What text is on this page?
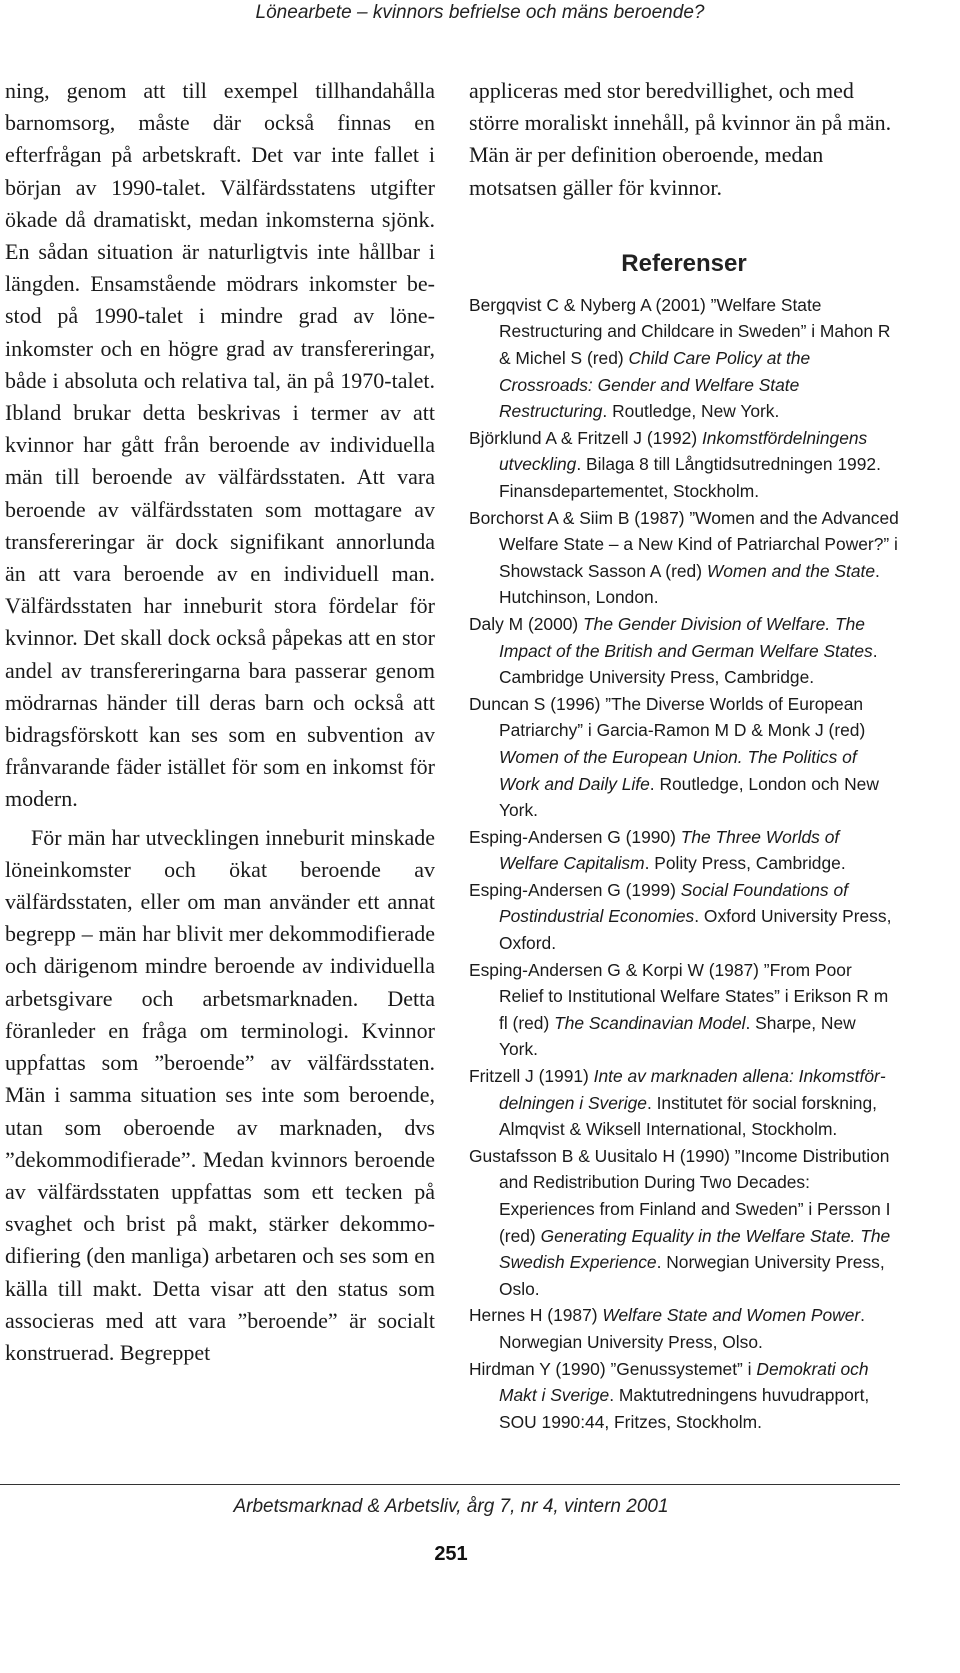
Lönearbete – kvinnors befrielse och mäns beroende?

ning, genom att till exempel tillhandahålla barnomsorg, måste där också finnas en efterfrågan på arbetskraft. Det var inte fallet i början av 1990-talet. Välfärdsstatens utgifter ökade då dramatiskt, medan inkomsterna sjönk. En sådan situation är naturligtvis inte hållbar i längden. Ensamstående mödrars inkomster bestod på 1990-talet i mindre grad av löneinkomster och en högre grad av transfereringar, både i absoluta och relativa tal, än på 1970-talet. Ibland brukar detta beskrivas i termer av att kvinnor har gått från beroende av individuella män till beroende av välfärdsstaten. Att vara beroende av välfärdsstaten som mottagare av transfereringar är dock signifikant annorlunda än att vara beroende av en individuell man. Välfärdsstaten har inneburit stora fördelar för kvinnor. Det skall dock också påpekas att en stor andel av transfereringarna bara passerar genom mödrarnas händer till deras barn och också att bidragsförskott kan ses som en subvention av frånvarande fäder istället för som en inkomst för modern.

För män har utvecklingen inneburit minskade löneinkomster och ökat beroende av välfärdsstaten, eller om man använder ett annat begrepp – män har blivit mer dekommodifierade och därigenom mindre beroende av individuella arbetsgivare och arbetsmarknaden. Detta föranleder en fråga om terminologi. Kvinnor uppfattas som ”beroende” av välfärdsstaten. Män i samma situation ses inte som beroende, utan som oberoende av marknaden, dvs ”dekommodifierade”. Medan kvinnors beroende av välfärdsstaten uppfattas som ett tecken på svaghet och brist på makt, stärker dekommodifiering (den manliga) arbetaren och ses som en källa till makt. Detta visar att den status som associeras med att vara ”beroende” är socialt konstruerad. Begreppet

appliceras med stor beredvillighet, och med större moraliskt innehåll, på kvinnor än på män. Män är per definition oberoende, medan motsatsen gäller för kvinnor.

Referenser
Bergqvist C & Nyberg A (2001) ”Welfare State Restructuring and Childcare in Sweden” i Mahon R & Michel S (red) Child Care Policy at the Crossroads: Gender and Welfare State Restructuring. Routledge, New York.
Björklund A & Fritzell J (1992) Inkomstfördelningens utveckling. Bilaga 8 till Långtidsutredningen 1992. Finansdepartementet, Stockholm.
Borchorst A & Siim B (1987) ”Women and the Advanced Welfare State – a New Kind of Patriarchal Power?” i Showstack Sasson A (red) Women and the State. Hutchinson, London.
Daly M (2000) The Gender Division of Welfare. The Impact of the British and German Welfare States. Cambridge University Press, Cambridge.
Duncan S (1996) ”The Diverse Worlds of European Patriarchy” i Garcia-Ramon M D & Monk J (red) Women of the European Union. The Politics of Work and Daily Life. Routledge, London och New York.
Esping-Andersen G (1990) The Three Worlds of Welfare Capitalism. Polity Press, Cambridge.
Esping-Andersen G (1999) Social Foundations of Postindustrial Economies. Oxford University Press, Oxford.
Esping-Andersen G & Korpi W (1987) ”From Poor Relief to Institutional Welfare States” i Erikson R m fl (red) The Scandinavian Model. Sharpe, New York.
Fritzell J (1991) Inte av marknaden allena: Inkomstfördelningen i Sverige. Institutet för social forskning, Almqvist & Wiksell International, Stockholm.
Gustafsson B & Uusitalo H (1990) ”Income Distribution and Redistribution During Two Decades: Experiences from Finland and Sweden” i Persson I (red) Generating Equality in the Welfare State. The Swedish Experience. Norwegian University Press, Oslo.
Hernes H (1987) Welfare State and Women Power. Norwegian University Press, Olso.
Hirdman Y (1990) ”Genussystemet” i Demokrati och Makt i Sverige. Maktutredningens huvudrapport, SOU 1990:44, Fritzes, Stockholm.
Arbetsmarknad & Arbetsliv, årg 7, nr 4, vintern 2001
251
